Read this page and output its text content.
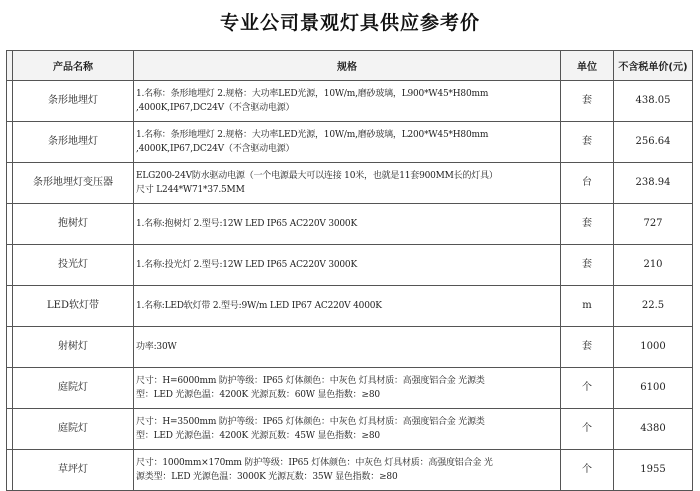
专业公司景观灯具供应参考价
	产品名称	规格	单位	不含税单价(元)
	条形地埋灯	1.名称：条形地埋灯 2.规格：大功率LED光源，10W/m,磨砂玻璃，L900*W45*H80mm
,4000K,IP67,DC24V（不含驱动电源）	套	438.05
	条形地埋灯	1.名称：条形地埋灯 2.规格：大功率LED光源，10W/m,磨砂玻璃，L200*W45*H80mm
,4000K,IP67,DC24V（不含驱动电源）	套	256.64
	条形地埋灯变压器	ELG200-24V防水驱动电源（一个电源最大可以连接 10米，也就是11套900MM长的灯具）
尺寸 L244*W71*37.5MM	台	238.94
	抱树灯	1.名称:抱树灯 2.型号:12W LED IP65 AC220V 3000K	套	727
	投光灯	1.名称:投光灯 2.型号:12W LED IP65 AC220V 3000K	套	210
	LED软灯带	1.名称:LED软灯带 2.型号:9W/m LED IP67 AC220V 4000K	m	22.5
	射树灯	功率:30W	套	1000
	庭院灯	尺寸：H=6000mm 防护等级：IP65 灯体颜色：中灰色 灯具材质：高强度铝合金 光源类
型：LED 光源色温：4200K 光源瓦数：60W 显色指数：≥80	个	6100
	庭院灯	尺寸：H=3500mm 防护等级：IP65 灯体颜色：中灰色 灯具材质：高强度铝合金 光源类
型：LED 光源色温：4200K 光源瓦数：45W 显色指数：≥80	个	4380
	草坪灯	尺寸：1000mm×170mm 防护等级：IP65 灯体颜色：中灰色 灯具材质：高强度铝合金 光
源类型：LED 光源色温：3000K 光源瓦数：35W 显色指数：≥80	个	1955
